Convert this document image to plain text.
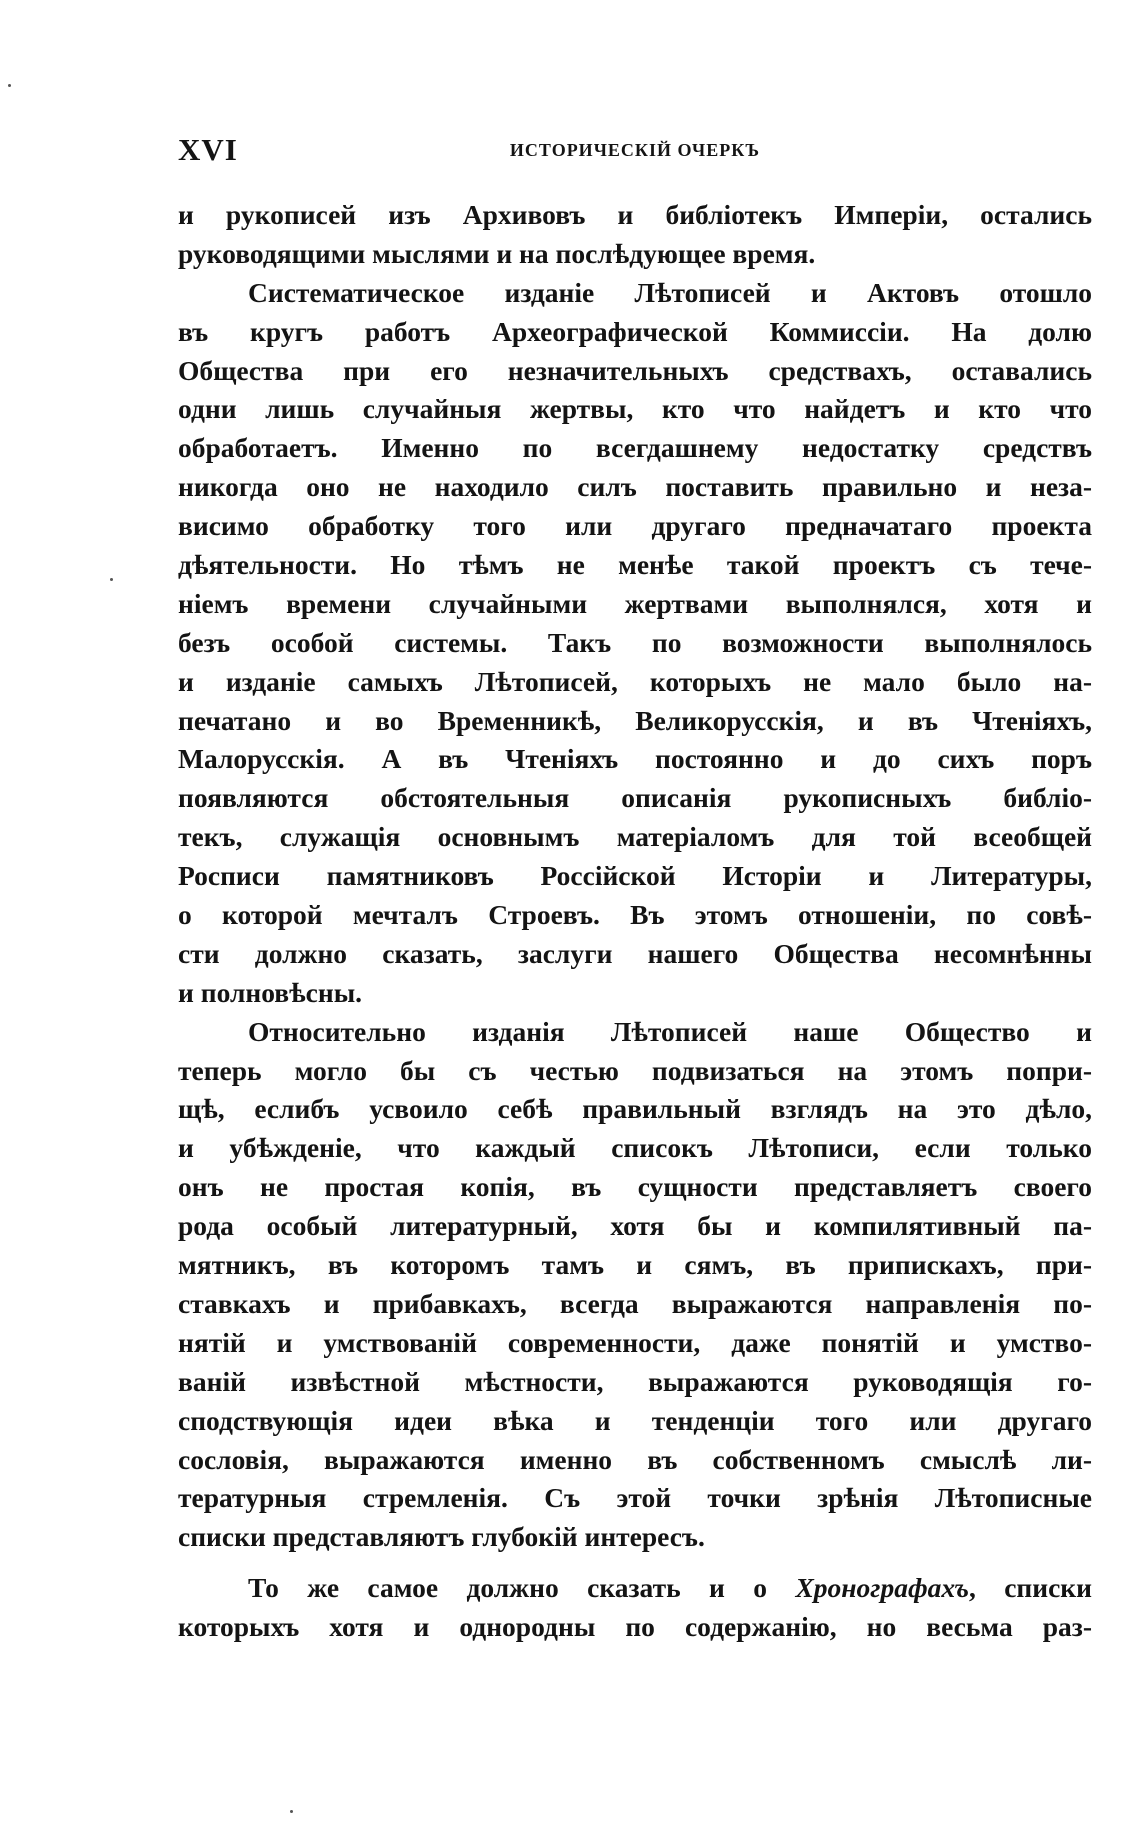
XVI	ИСТОРИЧЕСКІЙ ОЧЕРКЪ
и рукописей изъ Архивовъ и библіотекъ Имперіи, остались
руководящими мыслями и на послѣдующее время.
Систематическое изданіе Лѣтописей и Актовъ отошло
въ кругъ работъ Археографической Коммиссіи. На долю
Общества при его незначительныхъ средствахъ, оставались
одни лишь случайныя жертвы, кто что найдетъ и кто что
обработаетъ. Именно по всегдашнему недостатку средствъ
никогда оно не находило силъ поставить правильно и неза-
висимо обработку того или другаго предначатаго проекта
дѣятельности. Но тѣмъ не менѣе такой проектъ съ тече-
ніемъ времени случайными жертвами выполнялся, хотя и
безъ особой системы. Такъ по возможности выполнялось
и изданіе самыхъ Лѣтописей, которыхъ не мало было на-
печатано и во Временникѣ, Великорусскія, и въ Чтеніяхъ,
Малорусскія. А въ Чтеніяхъ постоянно и до сихъ поръ
появляются обстоятельныя описанія рукописныхъ библіо-
текъ, служащія основнымъ матеріаломъ для той всеобщей
Росписи памятниковъ Россійской Исторіи и Литературы,
о которой мечталъ Строевъ. Въ этомъ отношеніи, по совѣ-
сти должно сказать, заслуги нашего Общества несомнѣнны
и полновѣсны.
Относительно изданія Лѣтописей наше Общество и
теперь могло бы съ честью подвизаться на этомъ попри-
щѣ, еслибъ усвоило себѣ правильный взглядъ на это дѣло,
и убѣжденіе, что каждый списокъ Лѣтописи, если только
онъ не простая копія, въ сущности представляетъ своего
рода особый литературный, хотя бы и компилятивный па-
мятникъ, въ которомъ тамъ и сямъ, въ припискахъ, при-
ставкахъ и прибавкахъ, всегда выражаются направленія по-
нятій и умствованій современности, даже понятій и умство-
ваній извѣстной мѣстности, выражаются руководящія го-
сподствующія идеи вѣка и тенденціи того или другаго
сословія, выражаются именно въ собственномъ смыслѣ ли-
тературныя стремленія. Съ этой точки зрѣнія Лѣтописные
списки представляютъ глубокій интересъ.
То же самое должно сказать и о Хронографахъ, списки
которыхъ хотя и однородны по содержанію, но весьма раз-
